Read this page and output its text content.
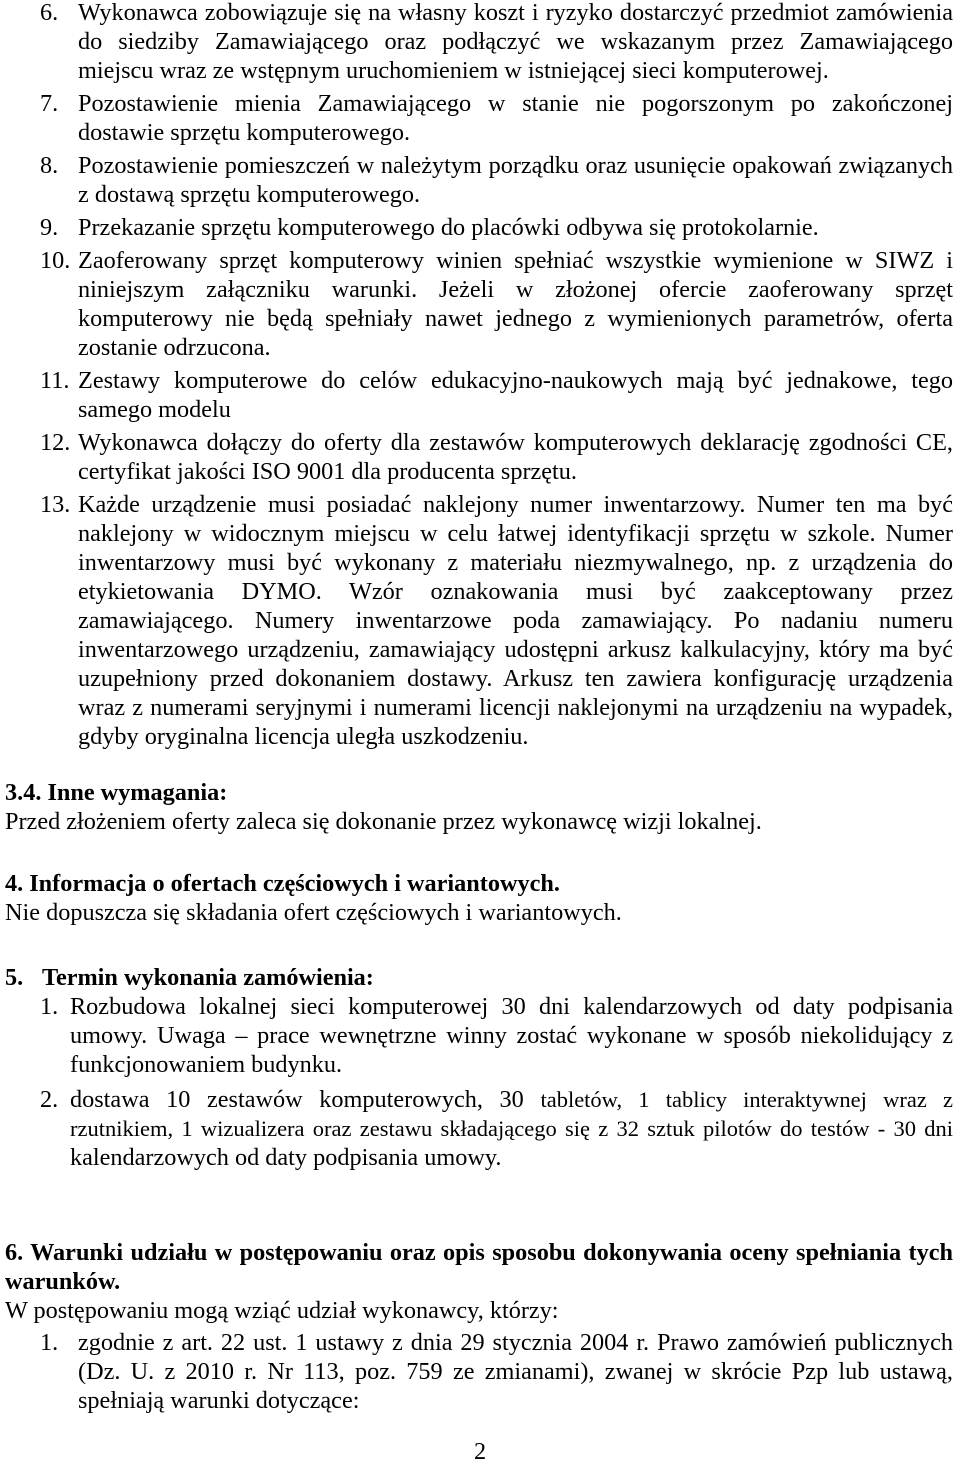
6. Wykonawca zobowiązuje się na własny koszt i ryzyko dostarczyć przedmiot zamówienia do siedziby Zamawiającego oraz podłączyć we wskazanym przez Zamawiającego miejscu wraz ze wstępnym uruchomieniem w istniejącej sieci komputerowej.
7. Pozostawienie mienia Zamawiającego w stanie nie pogorszonym po zakończonej dostawie sprzętu komputerowego.
8. Pozostawienie pomieszczeń w należytym porządku oraz usunięcie opakowań związanych z dostawą sprzętu komputerowego.
9. Przekazanie sprzętu komputerowego do placówki odbywa się protokolarnie.
10. Zaoferowany sprzęt komputerowy winien spełniać wszystkie wymienione w SIWZ i niniejszym załączniku warunki. Jeżeli w złożonej ofercie zaoferowany sprzęt komputerowy nie będą spełniały nawet jednego z wymienionych parametrów, oferta zostanie odrzucona.
11. Zestawy komputerowe do celów edukacyjno-naukowych mają być jednakowe, tego samego modelu
12. Wykonawca dołączy do oferty dla zestawów komputerowych deklarację zgodności CE, certyfikat jakości ISO 9001 dla producenta sprzętu.
13. Każde urządzenie musi posiadać naklejony numer inwentarzowy. Numer ten ma być naklejony w widocznym miejscu w celu łatwej identyfikacji sprzętu w szkole. Numer inwentarzowy musi być wykonany z materiału niezmywalnego, np. z urządzenia do etykietowania DYMO. Wzór oznakowania musi być zaakceptowany przez zamawiającego. Numery inwentarzowe poda zamawiający. Po nadaniu numeru inwentarzowego urządzeniu, zamawiający udostępni arkusz kalkulacyjny, który ma być uzupełniony przed dokonaniem dostawy. Arkusz ten zawiera konfigurację urządzenia wraz z numerami seryjnymi i numerami licencji naklejonymi na urządzeniu na wypadek, gdyby oryginalna licencja uległa uszkodzeniu.
3.4. Inne wymagania:

Przed złożeniem oferty zaleca się dokonanie przez wykonawcę wizji lokalnej.

4. Informacja o ofertach częściowych i wariantowych.

Nie dopuszcza się składania ofert częściowych i wariantowych.

5. Termin wykonania zamówienia:
1. Rozbudowa lokalnej sieci komputerowej 30 dni kalendarzowych od daty podpisania umowy. Uwaga – prace wewnętrzne winny zostać wykonane w sposób niekolidujący z funkcjonowaniem budynku.
2. dostawa 10 zestawów komputerowych, 30 tabletów, 1 tablicy interaktywnej wraz z rzutnikiem, 1 wizualizera oraz zestawu składającego się z 32 sztuk pilotów do testów - 30 dni kalendarzowych od daty podpisania umowy.
6. Warunki udziału w postępowaniu oraz opis sposobu dokonywania oceny spełniania tych warunków.

W postępowaniu mogą wziąć udział wykonawcy, którzy:

1. zgodnie z art. 22 ust. 1 ustawy z dnia 29 stycznia 2004 r. Prawo zamówień publicznych (Dz. U. z 2010 r. Nr 113, poz. 759 ze zmianami), zwanej w skrócie Pzp lub ustawą, spełniają warunki dotyczące:
2
